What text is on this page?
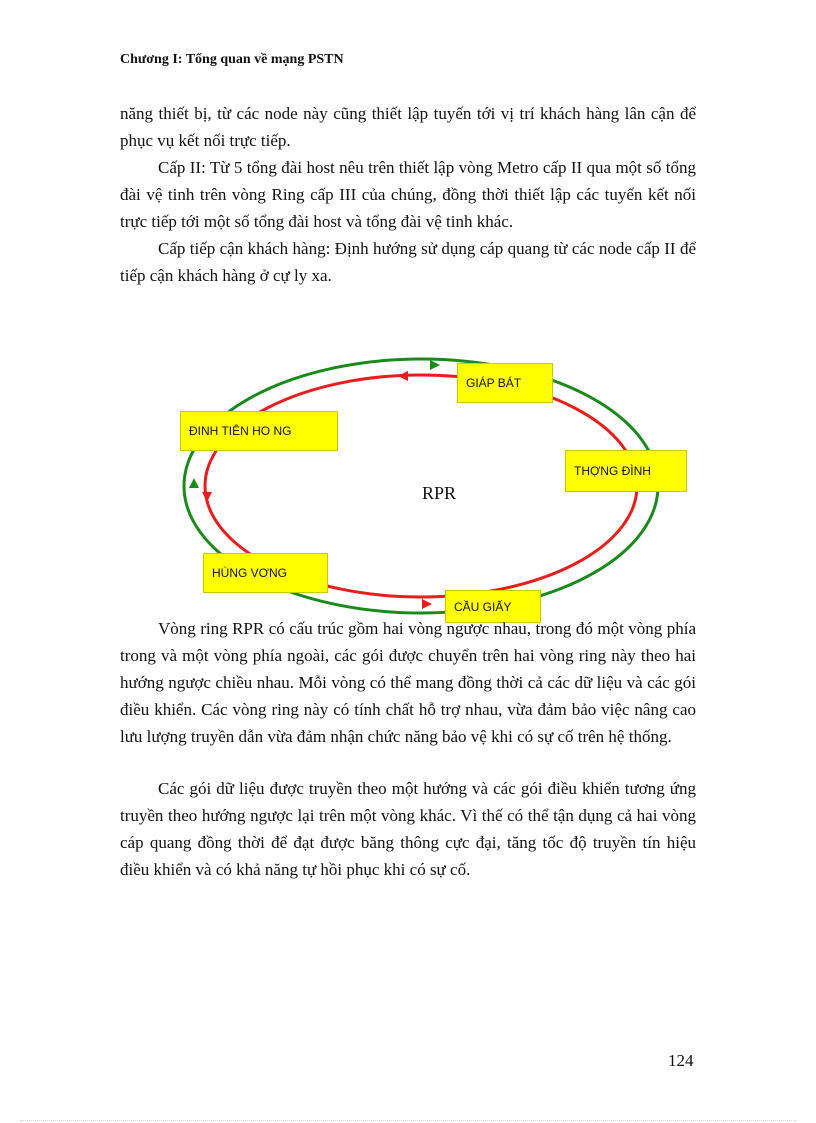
Chương I: Tổng quan về mạng PSTN

năng thiết bị, từ các node này cũng thiết lập tuyến tới vị trí khách hàng lân cận để phục vụ kết nối trực tiếp.

Cấp II: Từ 5 tổng đài host nêu trên thiết lập vòng Metro cấp II qua một số tổng đài vệ tinh trên vòng Ring cấp III của chúng, đồng thời thiết lập các tuyến kết nối trực tiếp tới một số tổng đài host và tổng đài vệ tinh khác.

Cấp tiếp cận khách hàng: Định hướng sử dụng cáp quang từ các node cấp II để tiếp cận khách hàng ở cự ly xa.

RPR
GIÁP BÁT
ĐINH TIÊN HO NG
THỢNG ĐÌNH
HÙNG VƠNG
CẦU GIẤY

Vòng ring RPR có cấu trúc gồm hai vòng ngược nhau, trong đó một vòng phía trong và một vòng phía ngoài, các gói được chuyển trên hai vòng ring này theo hai hướng ngược chiều nhau. Mỗi vòng có thể mang đồng thời cả các dữ liệu và các gói điều khiển. Các vòng ring này có tính chất hỗ trợ nhau, vừa đảm bảo việc nâng cao lưu lượng truyền dẫn vừa đảm nhận chức năng bảo vệ khi có sự cố trên hệ thống.

Các gói dữ liệu được truyền theo một hướng và các gói điều khiển tương ứng truyền theo hướng ngược lại trên một vòng khác. Vì thế có thể tận dụng cả hai vòng cáp quang đồng thời để đạt được băng thông cực đại, tăng tốc độ truyền tín hiệu điều khiển và có khả năng tự hồi phục khi có sự cố.

124
